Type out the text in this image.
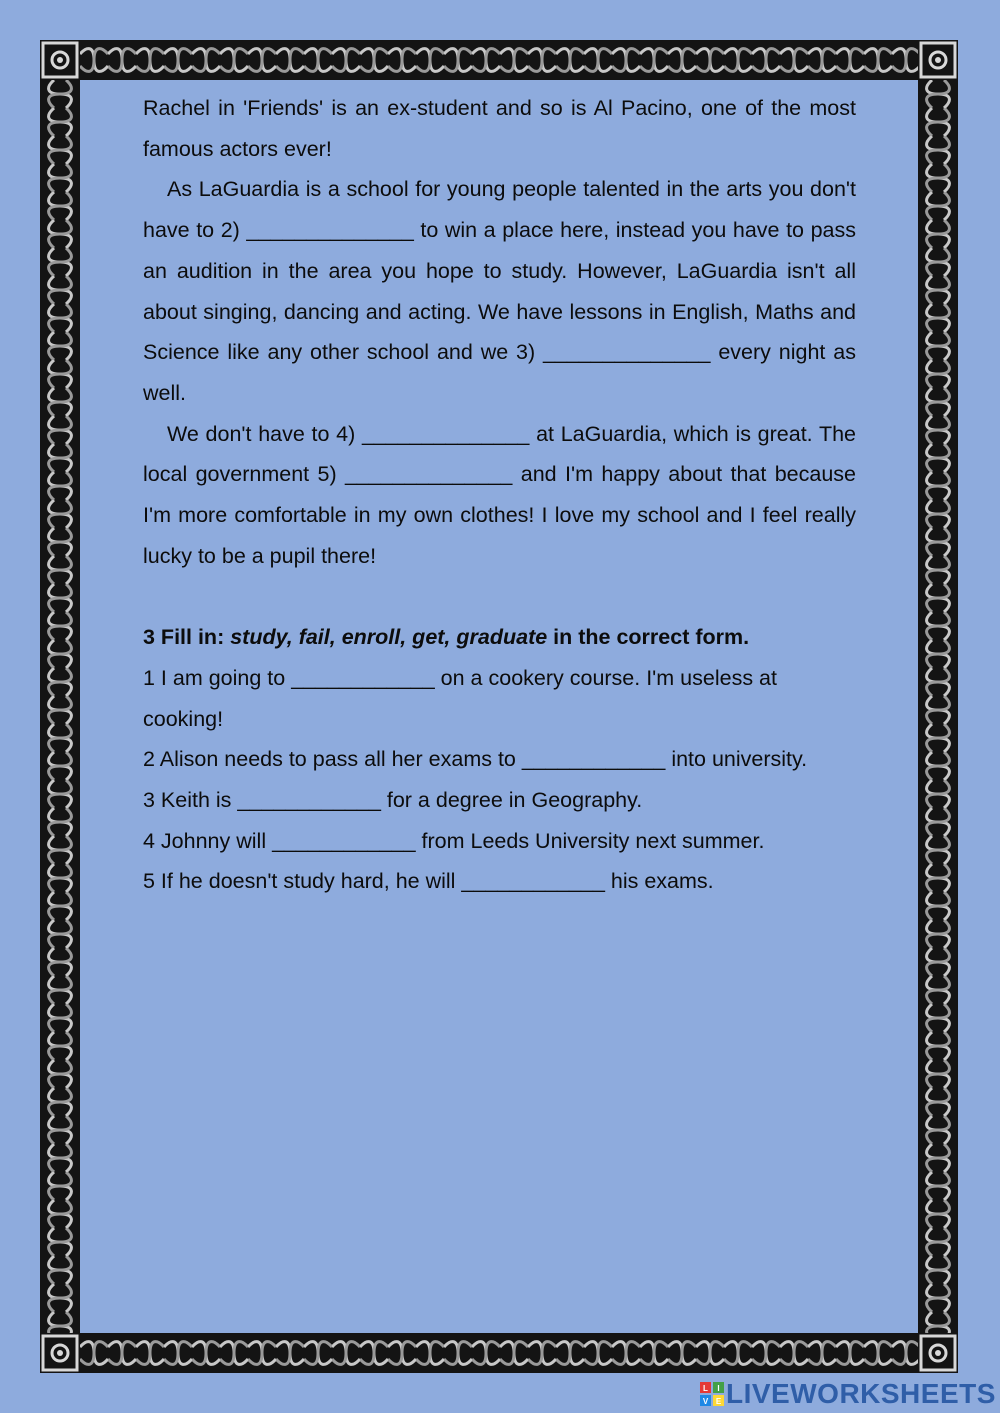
Rachel in 'Friends' is an ex-student and so is Al Pacino, one of the most famous actors ever!

As LaGuardia is a school for young people talented in the arts you don't have to 2) ______________ to win a place here, instead you have to pass an audition in the area you hope to study. However, LaGuardia isn't all about singing, dancing and acting. We have lessons in English, Maths and Science like any other school and we 3) ______________ every night as well.

We don't have to 4) ______________ at LaGuardia, which is great. The local government 5) ______________ and I'm happy about that because I'm more comfortable in my own clothes! I love my school and I feel really lucky to be a pupil there!

3 Fill in: study, fail, enroll, get, graduate in the correct form.

1 I am going to ____________ on a cookery course. I'm useless at cooking!

2 Alison needs to pass all her exams to ____________ into university.

3 Keith is ____________ for a degree in Geography.

4 Johnny will ____________ from Leeds University next summer.

5 If he doesn't study hard, he will ____________ his exams.

L I
V E LIVEWORKSHEETS
